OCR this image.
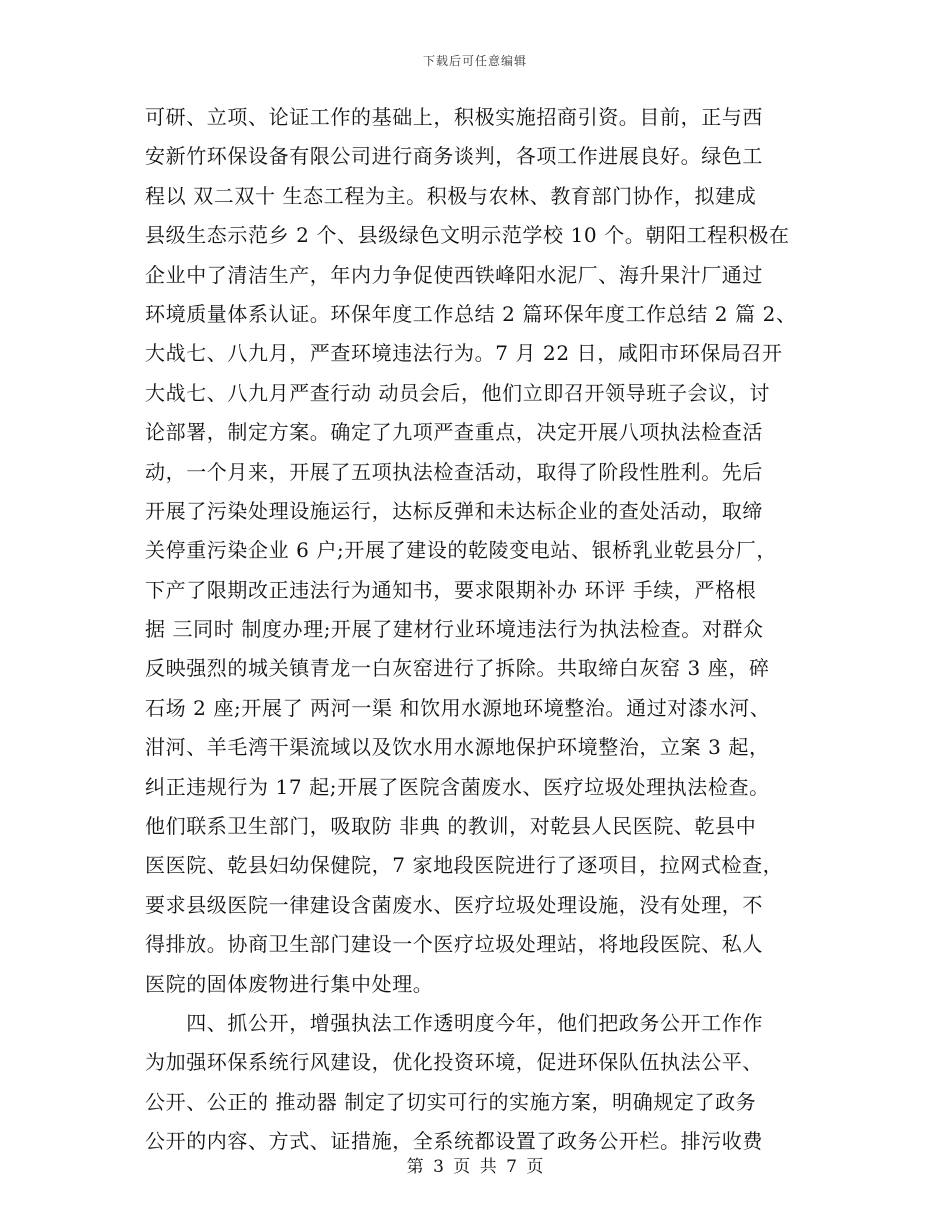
下载后可任意编辑
可研、立项、论证工作的基础上，积极实施招商引资。目前，正与西
安新竹环保设备有限公司进行商务谈判，各项工作进展良好。绿色工
程以 双二双十 生态工程为主。积极与农林、教育部门协作，拟建成
县级生态示范乡 2 个、县级绿色文明示范学校 10 个。朝阳工程积极在
企业中了清洁生产，年内力争促使西铁峰阳水泥厂、海升果汁厂通过
环境质量体系认证。环保年度工作总结 2 篇环保年度工作总结 2 篇 2、
大战七、八九月，严查环境违法行为。7 月 22 日，咸阳市环保局召开
大战七、八九月严查行动 动员会后，他们立即召开领导班子会议，讨
论部署，制定方案。确定了九项严查重点，决定开展八项执法检查活
动，一个月来，开展了五项执法检查活动，取得了阶段性胜利。先后
开展了污染处理设施运行，达标反弹和未达标企业的查处活动，取缔
关停重污染企业 6 户;开展了建设的乾陵变电站、银桥乳业乾县分厂，
下产了限期改正违法行为通知书，要求限期补办 环评 手续，严格根
据 三同时 制度办理;开展了建材行业环境违法行为执法检查。对群众
反映强烈的城关镇青龙一白灰窑进行了拆除。共取缔白灰窑 3 座，碎
石场 2 座;开展了 两河一渠 和饮用水源地环境整治。通过对漆水河、
泔河、羊毛湾干渠流域以及饮水用水源地保护环境整治，立案 3 起，
纠正违规行为 17 起;开展了医院含菌废水、医疗垃圾处理执法检查。
他们联系卫生部门，吸取防 非典 的教训，对乾县人民医院、乾县中
医医院、乾县妇幼保健院，7 家地段医院进行了逐项目，拉网式检查，
要求县级医院一律建设含菌废水、医疗垃圾处理设施，没有处理，不
得排放。协商卫生部门建设一个医疗垃圾处理站，将地段医院、私人
医院的固体废物进行集中处理。
　　四、抓公开，增强执法工作透明度今年，他们把政务公开工作作
为加强环保系统行风建设，优化投资环境，促进环保队伍执法公平、
公开、公正的 推动器 制定了切实可行的实施方案，明确规定了政务
公开的内容、方式、证措施，全系统都设置了政务公开栏。排污收费
第 3 页 共 7 页
